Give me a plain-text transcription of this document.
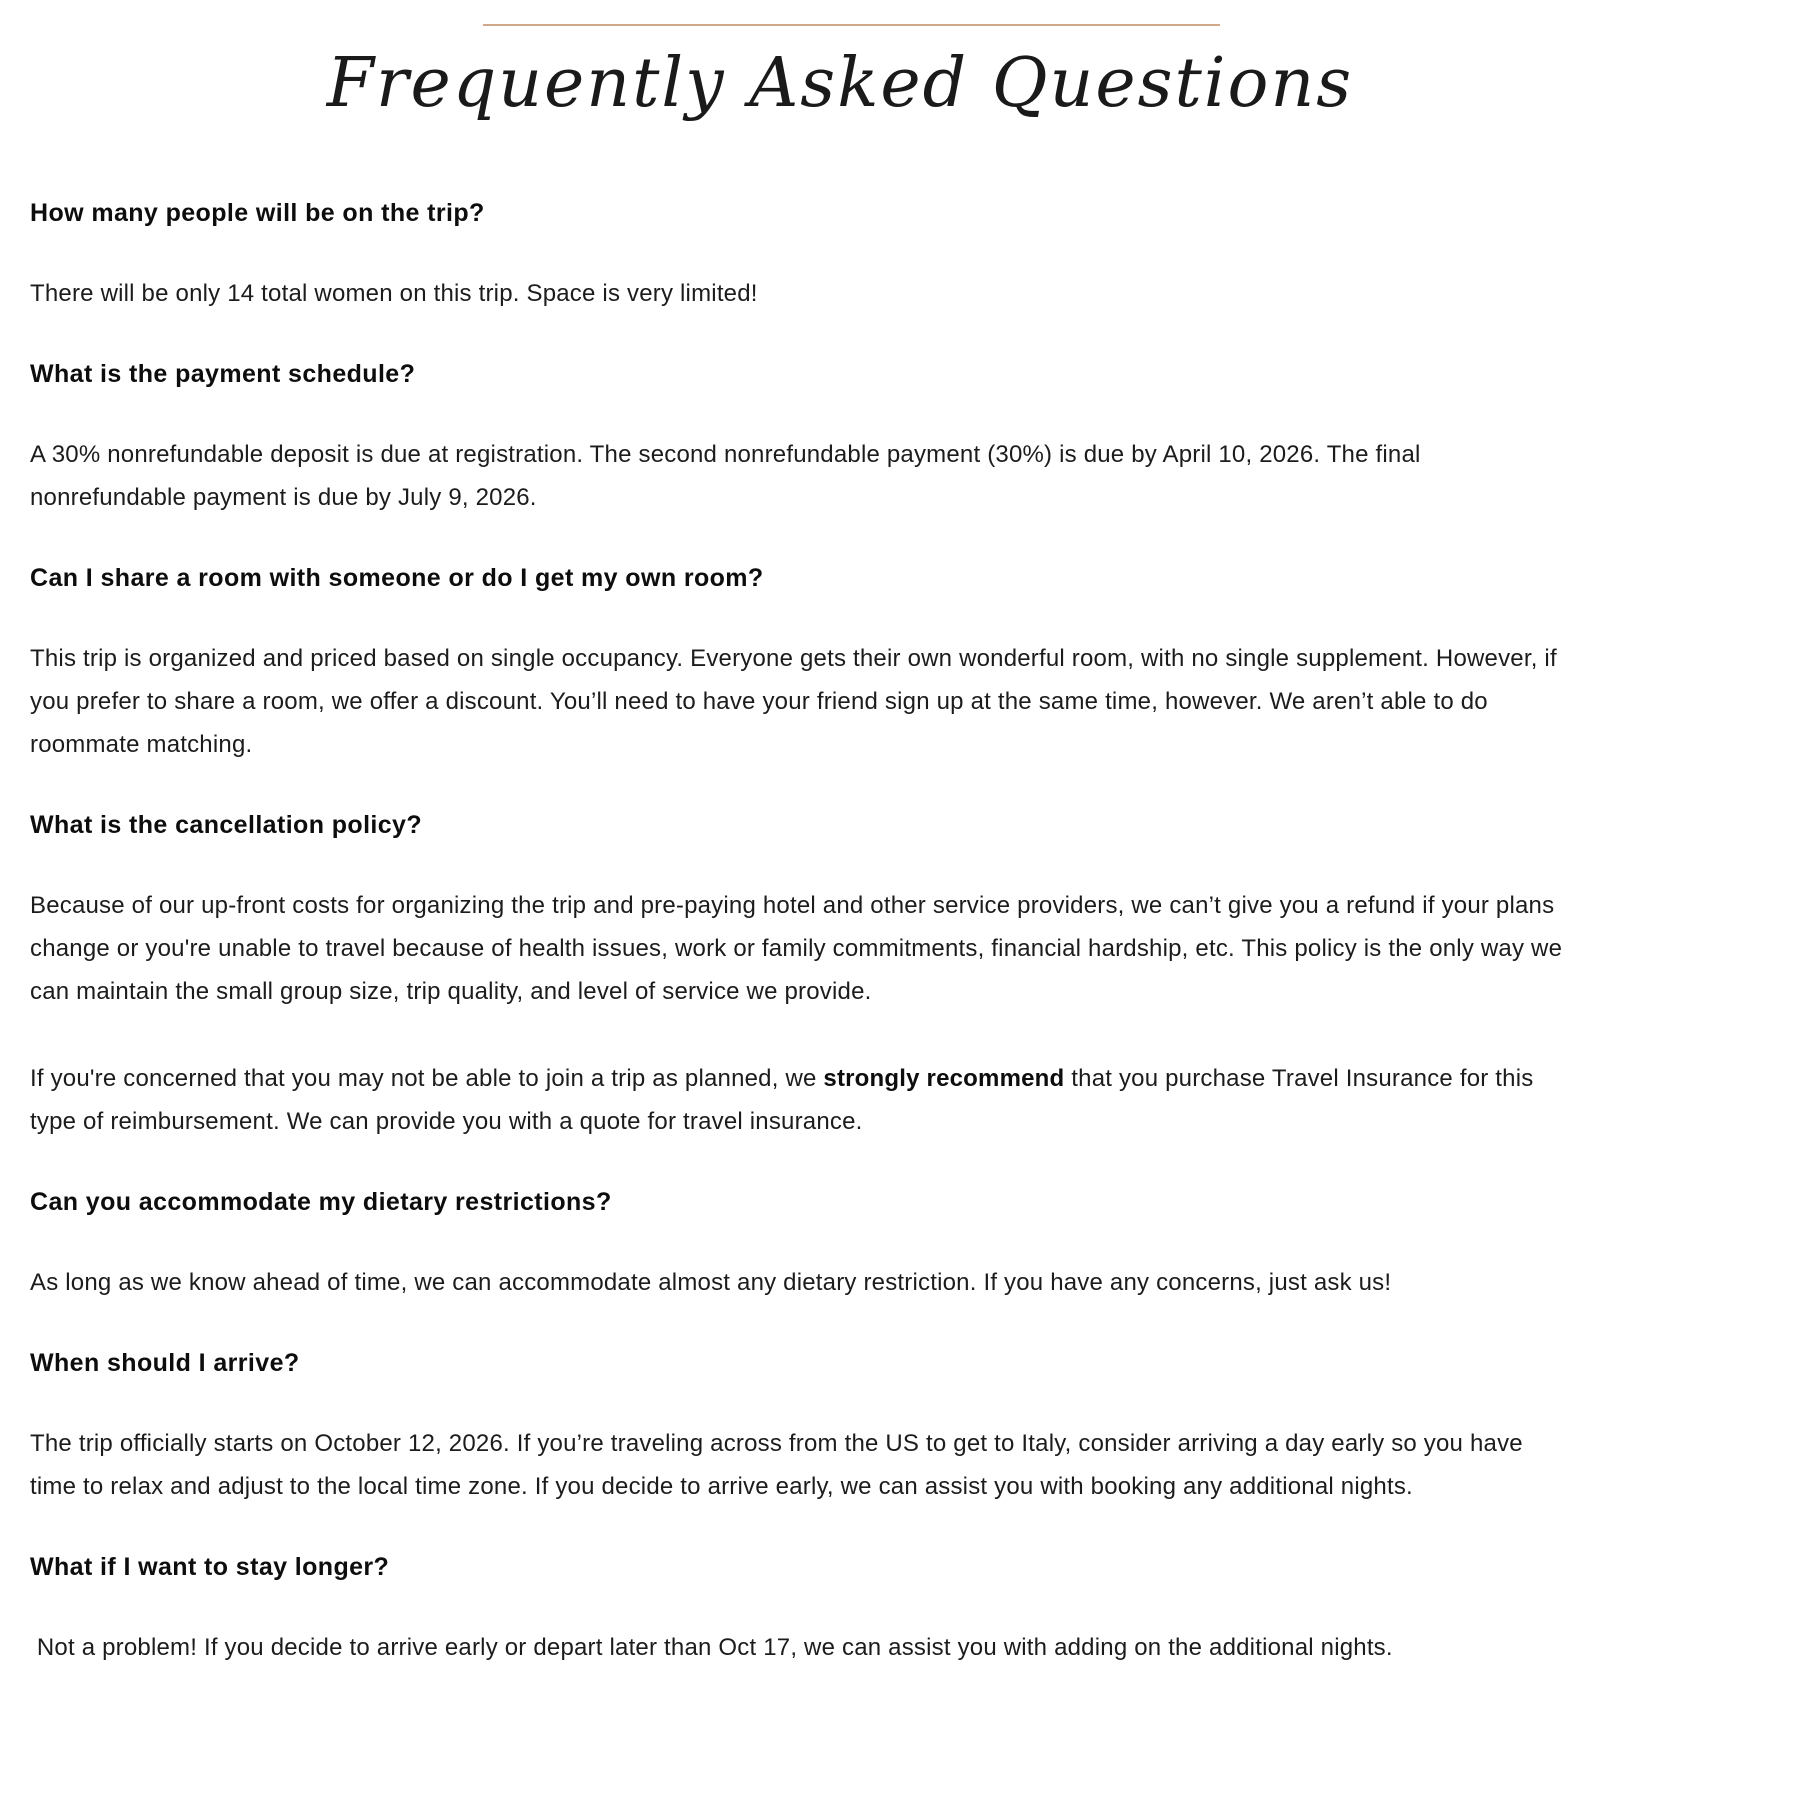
Frequently Asked Questions
How many people will be on the trip?

There will be only 14 total women on this trip. Space is very limited!

What is the payment schedule?

A 30% nonrefundable deposit is due at registration. The second nonrefundable payment (30%) is due by April 10, 2026. The final nonrefundable payment is due by July 9, 2026.

Can I share a room with someone or do I get my own room?

This trip is organized and priced based on single occupancy. Everyone gets their own wonderful room, with no single supplement. However, if you prefer to share a room, we offer a discount. You’ll need to have your friend sign up at the same time, however. We aren’t able to do roommate matching.

What is the cancellation policy?

Because of our up-front costs for organizing the trip and pre-paying hotel and other service providers, we can’t give you a refund if your plans change or you're unable to travel because of health issues, work or family commitments, financial hardship, etc. This policy is the only way we can maintain the small group size, trip quality, and level of service we provide.

If you're concerned that you may not be able to join a trip as planned, we strongly recommend that you purchase Travel Insurance for this type of reimbursement. We can provide you with a quote for travel insurance.

Can you accommodate my dietary restrictions?

As long as we know ahead of time, we can accommodate almost any dietary restriction. If you have any concerns, just ask us!

When should I arrive?

The trip officially starts on October 12, 2026. If you’re traveling across from the US to get to Italy, consider arriving a day early so you have time to relax and adjust to the local time zone. If you decide to arrive early, we can assist you with booking any additional nights.

What if I want to stay longer?

Not a problem! If you decide to arrive early or depart later than Oct 17, we can assist you with adding on the additional nights.
